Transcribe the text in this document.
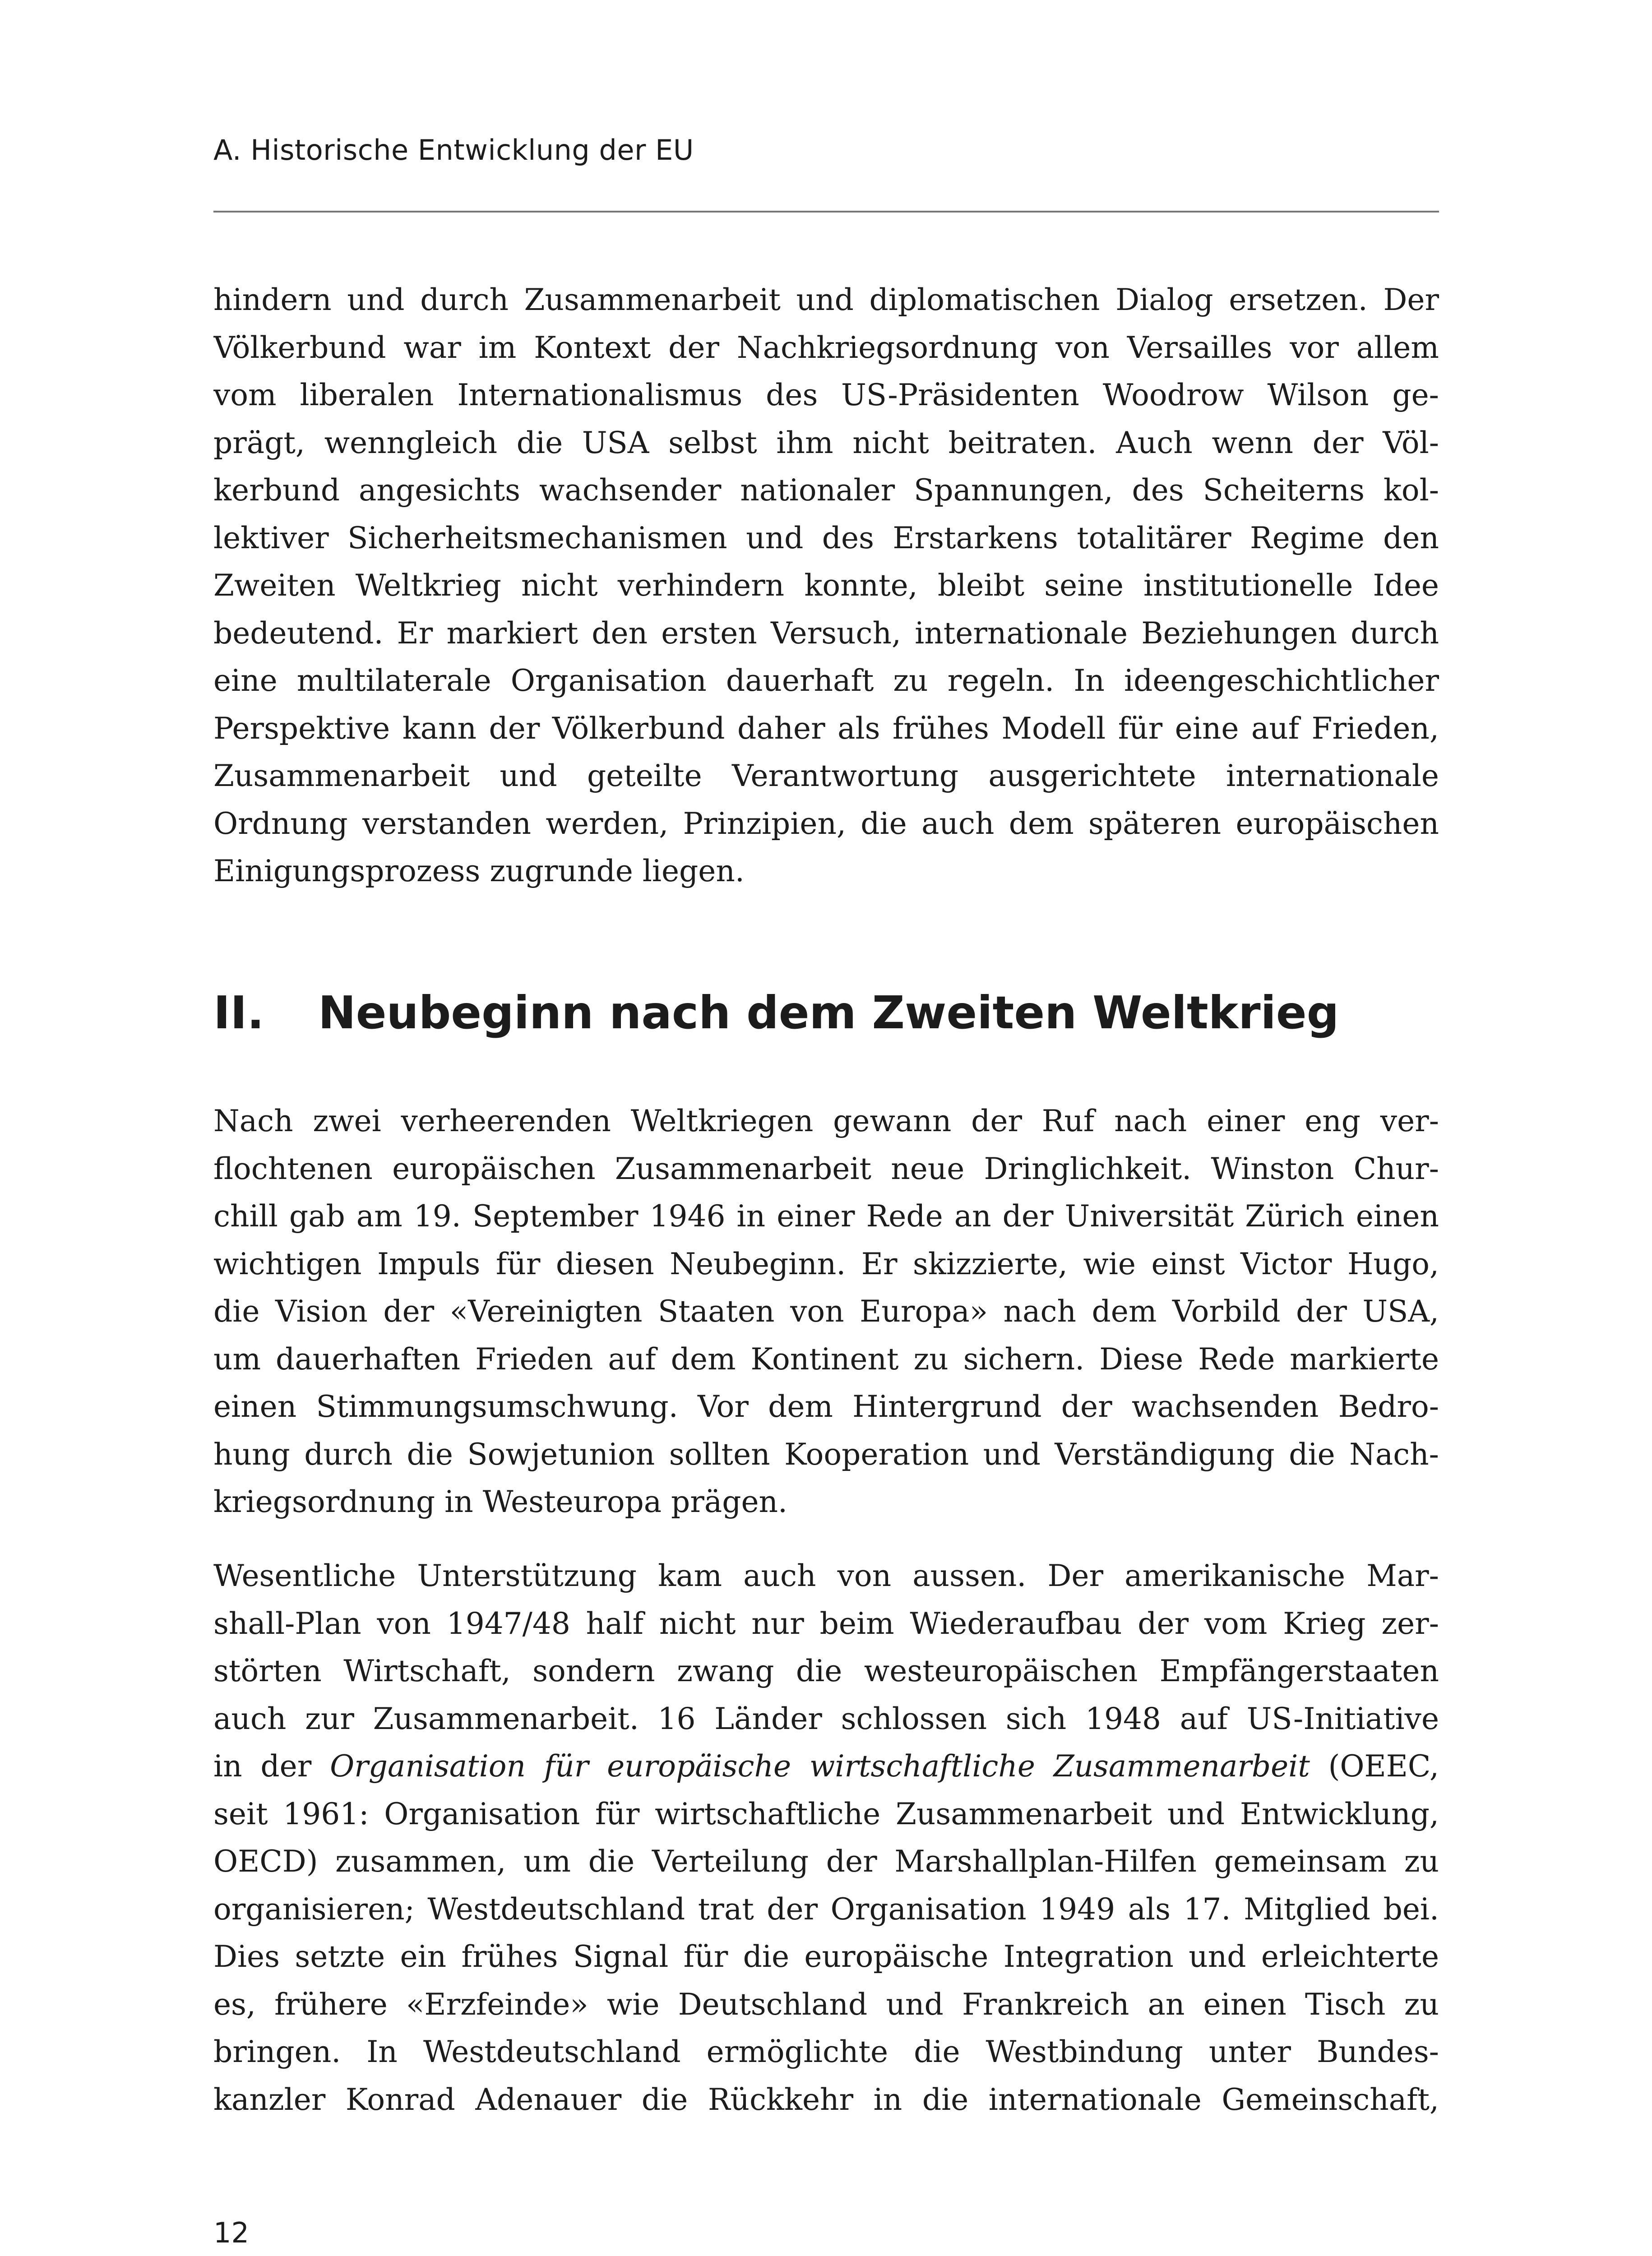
A. Historische Entwicklung der EU
hindern und durch Zusammenarbeit und diplomatischen Dialog ersetzen. Der
Völkerbund war im Kontext der Nachkriegsordnung von Versailles vor allem
vom liberalen Internationalismus des US-Präsidenten Woodrow Wilson ge-
prägt, wenngleich die USA selbst ihm nicht beitraten. Auch wenn der Völ-
kerbund angesichts wachsender nationaler Spannungen, des Scheiterns kol-
lektiver Sicherheitsmechanismen und des Erstarkens totalitärer Regime den
Zweiten Weltkrieg nicht verhindern konnte, bleibt seine institutionelle Idee
bedeutend. Er markiert den ersten Versuch, internationale Beziehungen durch
eine multilaterale Organisation dauerhaft zu regeln. In ideengeschichtlicher
Perspektive kann der Völkerbund daher als frühes Modell für eine auf Frieden,
Zusammenarbeit und geteilte Verantwortung ausgerichtete internationale
Ordnung verstanden werden, Prinzipien, die auch dem späteren europäischen
Einigungsprozess zugrunde liegen.
II. Neubeginn nach dem Zweiten Weltkrieg
Nach zwei verheerenden Weltkriegen gewann der Ruf nach einer eng ver-
flochtenen europäischen Zusammenarbeit neue Dringlichkeit. Winston Chur-
chill gab am 19. September 1946 in einer Rede an der Universität Zürich einen
wichtigen Impuls für diesen Neubeginn. Er skizzierte, wie einst Victor Hugo,
die Vision der «Vereinigten Staaten von Europa» nach dem Vorbild der USA,
um dauerhaften Frieden auf dem Kontinent zu sichern. Diese Rede markierte
einen Stimmungsumschwung. Vor dem Hintergrund der wachsenden Bedro-
hung durch die Sowjetunion sollten Kooperation und Verständigung die Nach-
kriegsordnung in Westeuropa prägen.
Wesentliche Unterstützung kam auch von aussen. Der amerikanische Mar-
shall-Plan von 1947/48 half nicht nur beim Wiederaufbau der vom Krieg zer-
störten Wirtschaft, sondern zwang die westeuropäischen Empfängerstaaten
auch zur Zusammenarbeit. 16 Länder schlossen sich 1948 auf US-Initiative
in der Organisation für europäische wirtschaftliche Zusammenarbeit (OEEC,
seit 1961: Organisation für wirtschaftliche Zusammenarbeit und Entwicklung,
OECD) zusammen, um die Verteilung der Marshallplan-Hilfen gemeinsam zu
organisieren; Westdeutschland trat der Organisation 1949 als 17. Mitglied bei.
Dies setzte ein frühes Signal für die europäische Integration und erleichterte
es, frühere «Erzfeinde» wie Deutschland und Frankreich an einen Tisch zu
bringen. In Westdeutschland ermöglichte die Westbindung unter Bundes-
kanzler Konrad Adenauer die Rückkehr in die internationale Gemeinschaft,
12
